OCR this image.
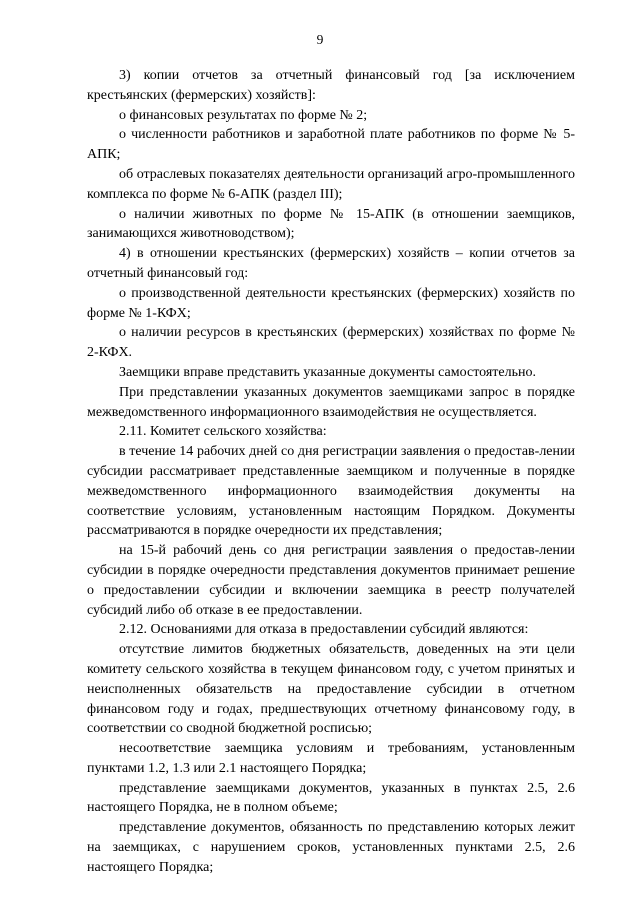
9

3) копии отчетов за отчетный финансовый год [за исключением крестьянских (фермерских) хозяйств]:

о финансовых результатах по форме № 2;

о численности работников и заработной плате работников по форме № 5-АПК;

об отраслевых показателях деятельности организаций агро-промышленного комплекса по форме № 6-АПК (раздел III);

о наличии животных по форме № 15-АПК (в отношении заемщиков, занимающихся животноводством);

4) в отношении крестьянских (фермерских) хозяйств – копии отчетов за отчетный финансовый год:

о производственной деятельности крестьянских (фермерских) хозяйств по форме № 1-КФХ;

о наличии ресурсов в крестьянских (фермерских) хозяйствах по форме № 2-КФХ.

Заемщики вправе представить указанные документы самостоятельно.

При представлении указанных документов заемщиками запрос в порядке межведомственного информационного взаимодействия не осуществляется.

2.11. Комитет сельского хозяйства:

в течение 14 рабочих дней со дня регистрации заявления о предостав-лении субсидии рассматривает представленные заемщиком и полученные в порядке межведомственного информационного взаимодействия документы на соответствие условиям, установленным настоящим Порядком. Документы рассматриваются в порядке очередности их представления;

на 15-й рабочий день со дня регистрации заявления о предостав-лении субсидии в порядке очередности представления документов принимает решение о предоставлении субсидии и включении заемщика в реестр получателей субсидий либо об отказе в ее предоставлении.

2.12. Основаниями для отказа в предоставлении субсидий являются:

отсутствие лимитов бюджетных обязательств, доведенных на эти цели комитету сельского хозяйства в текущем финансовом году, с учетом принятых и неисполненных обязательств на предоставление субсидии в отчетном финансовом году и годах, предшествующих отчетному финансовому году, в соответствии со сводной бюджетной росписью;

несоответствие заемщика условиям и требованиям, установленным пунктами 1.2, 1.3 или 2.1 настоящего Порядка;

представление заемщиками документов, указанных в пунктах 2.5, 2.6 настоящего Порядка, не в полном объеме;

представление документов, обязанность по представлению которых лежит на заемщиках, с нарушением сроков, установленных пунктами 2.5, 2.6 настоящего Порядка;
